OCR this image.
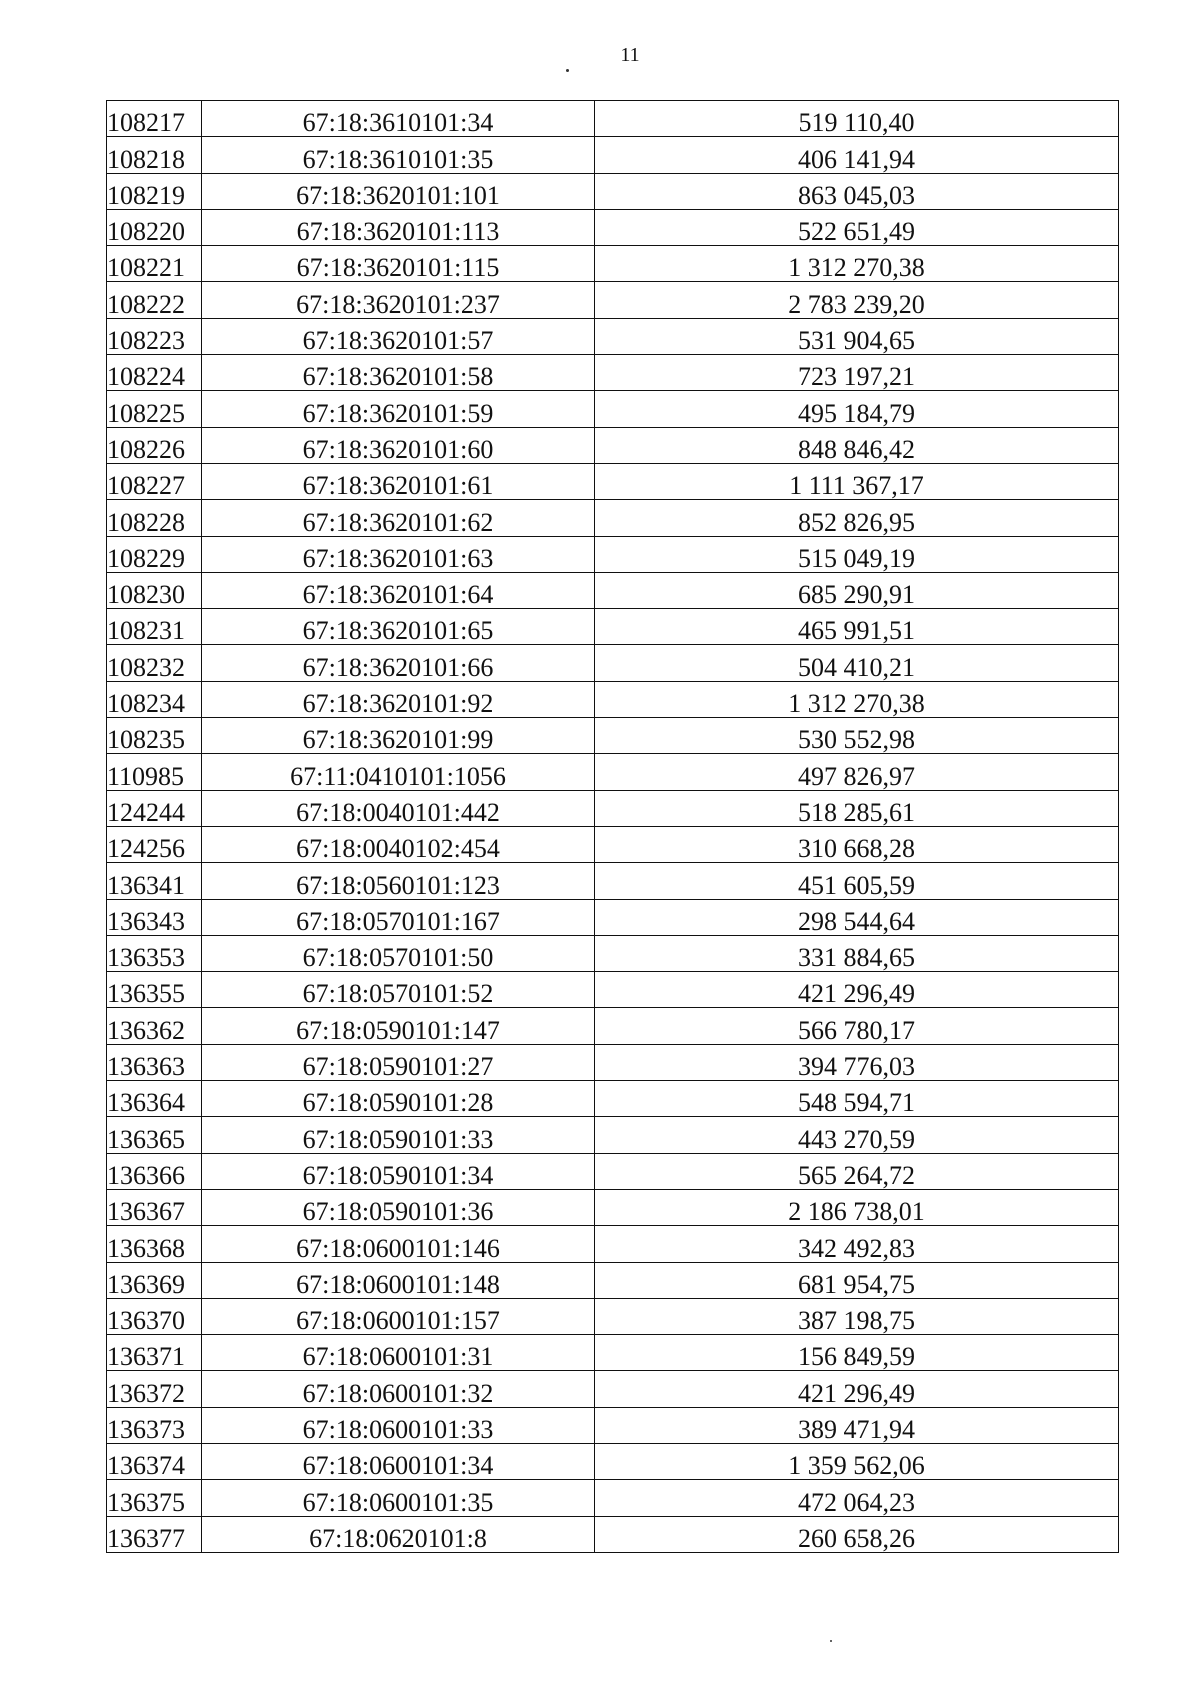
11
108217	67:18:3610101:34	519 110,40
108218	67:18:3610101:35	406 141,94
108219	67:18:3620101:101	863 045,03
108220	67:18:3620101:113	522 651,49
108221	67:18:3620101:115	1 312 270,38
108222	67:18:3620101:237	2 783 239,20
108223	67:18:3620101:57	531 904,65
108224	67:18:3620101:58	723 197,21
108225	67:18:3620101:59	495 184,79
108226	67:18:3620101:60	848 846,42
108227	67:18:3620101:61	1 111 367,17
108228	67:18:3620101:62	852 826,95
108229	67:18:3620101:63	515 049,19
108230	67:18:3620101:64	685 290,91
108231	67:18:3620101:65	465 991,51
108232	67:18:3620101:66	504 410,21
108234	67:18:3620101:92	1 312 270,38
108235	67:18:3620101:99	530 552,98
110985	67:11:0410101:1056	497 826,97
124244	67:18:0040101:442	518 285,61
124256	67:18:0040102:454	310 668,28
136341	67:18:0560101:123	451 605,59
136343	67:18:0570101:167	298 544,64
136353	67:18:0570101:50	331 884,65
136355	67:18:0570101:52	421 296,49
136362	67:18:0590101:147	566 780,17
136363	67:18:0590101:27	394 776,03
136364	67:18:0590101:28	548 594,71
136365	67:18:0590101:33	443 270,59
136366	67:18:0590101:34	565 264,72
136367	67:18:0590101:36	2 186 738,01
136368	67:18:0600101:146	342 492,83
136369	67:18:0600101:148	681 954,75
136370	67:18:0600101:157	387 198,75
136371	67:18:0600101:31	156 849,59
136372	67:18:0600101:32	421 296,49
136373	67:18:0600101:33	389 471,94
136374	67:18:0600101:34	1 359 562,06
136375	67:18:0600101:35	472 064,23
136377	67:18:0620101:8	260 658,26
